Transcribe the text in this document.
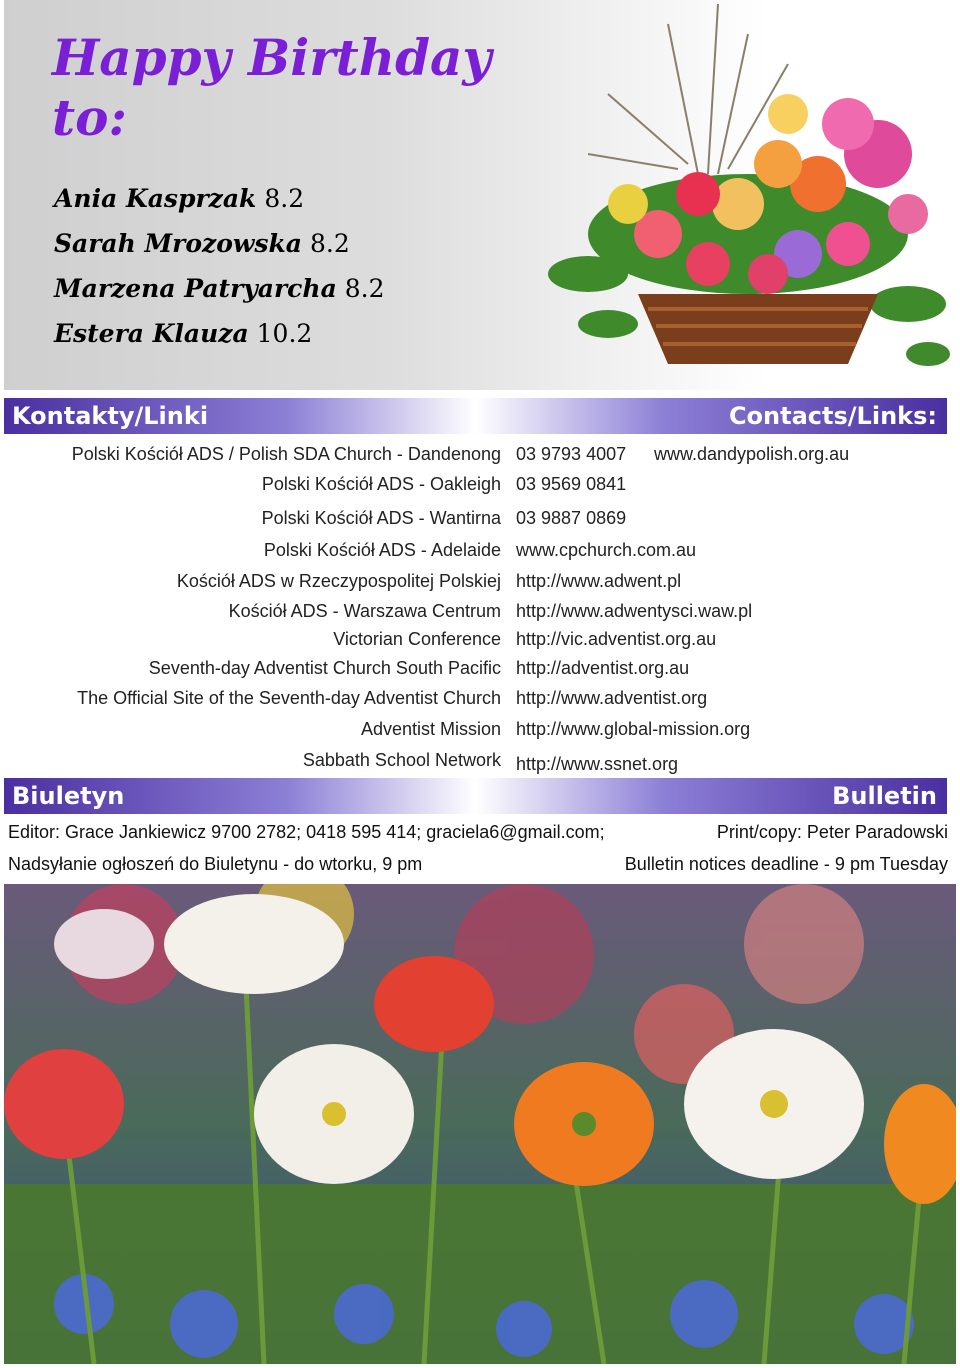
Happy Birthday to:
Ania Kasprzak 8.2
Sarah Mrozowska 8.2
Marzena Patryarcha 8.2
Estera Klauza 10.2
Kontakty/Linki	Contacts/Links:
Polski Kościół ADS / Polish SDA Church - Dandenong 03 9793 4007 www.dandypolish.org.au
Polski Kościół ADS - Oakleigh 03 9569 0841
Polski Kościół ADS - Wantirna 03 9887 0869
Polski Kościół ADS - Adelaide www.cpchurch.com.au
Kościół ADS w Rzeczypospolitej Polskiej http://www.adwent.pl
Kościół ADS - Warszawa Centrum http://www.adwentysci.waw.pl
Victorian Conference http://vic.adventist.org.au
Seventh-day Adventist Church South Pacific http://adventist.org.au
The Official Site of the Seventh-day Adventist Church http://www.adventist.org
Adventist Mission http://www.global-mission.org
Sabbath School Network http://www.ssnet.org
Biuletyn	Bulletin
Editor: Grace Jankiewicz 9700 2782; 0418 595 414; graciela6@gmail.com;	Print/copy: Peter Paradowski
Nadsyłanie ogłoszeń do Biuletynu - do wtorku, 9 pm	Bulletin notices deadline - 9 pm Tuesday
